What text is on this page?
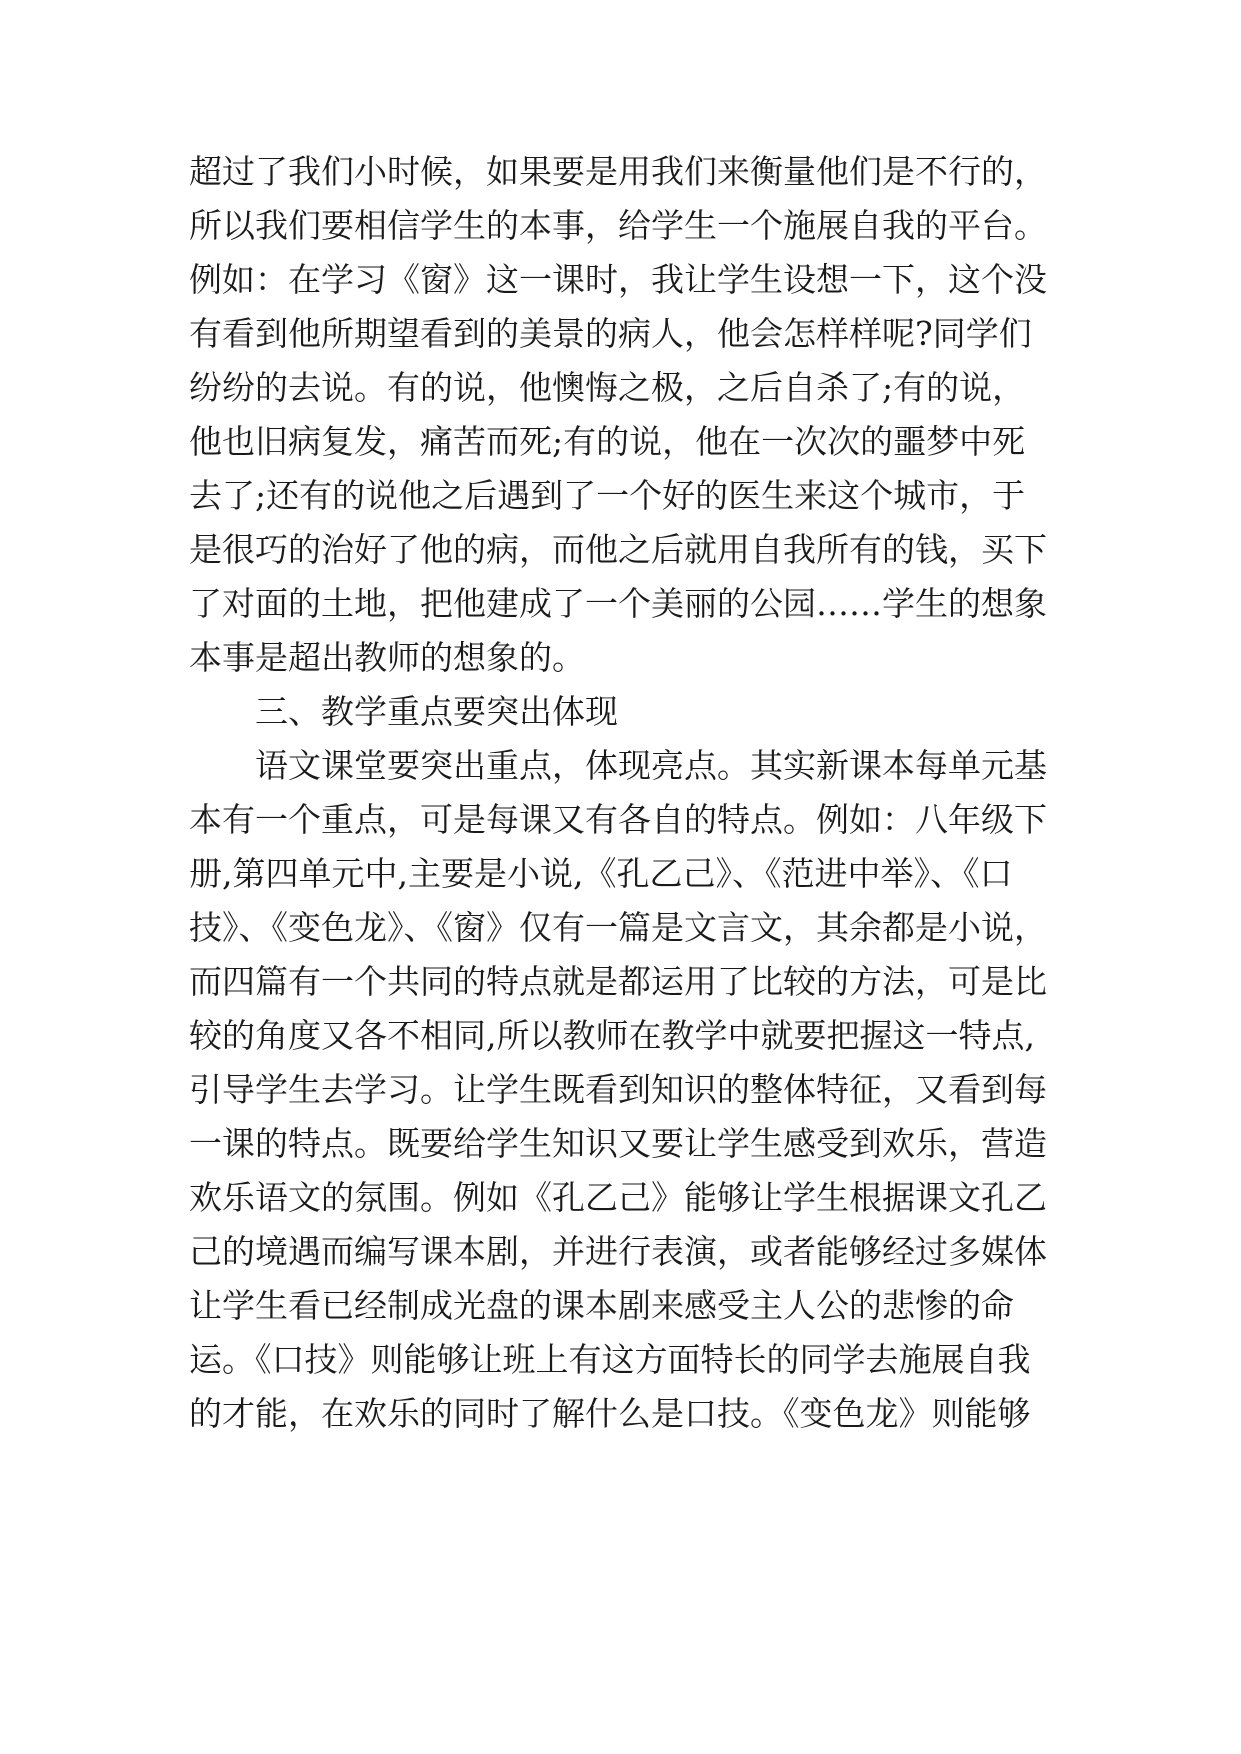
超过了我们小时候，如果要是用我们来衡量他们是不行的，
所以我们要相信学生的本事，给学生一个施展自我的平台。
例如：在学习《窗》这一课时，我让学生设想一下，这个没
有看到他所期望看到的美景的病人，他会怎样样呢?同学们
纷纷的去说。有的说，他懊悔之极，之后自杀了;有的说，
他也旧病复发，痛苦而死;有的说，他在一次次的噩梦中死
去了;还有的说他之后遇到了一个好的医生来这个城市，于
是很巧的治好了他的病，而他之后就用自我所有的钱，买下
了对面的土地，把他建成了一个美丽的公园……学生的想象
本事是超出教师的想象的。
三、教学重点要突出体现
语文课堂要突出重点，体现亮点。其实新课本每单元基
本有一个重点，可是每课又有各自的特点。例如：八年级下
册,第四单元中,主要是小说,《孔乙己》、《范进中举》、《口
技》、《变色龙》、《窗》仅有一篇是文言文，其余都是小说，
而四篇有一个共同的特点就是都运用了比较的方法，可是比
较的角度又各不相同,所以教师在教学中就要把握这一特点,
引导学生去学习。让学生既看到知识的整体特征，又看到每
一课的特点。既要给学生知识又要让学生感受到欢乐，营造
欢乐语文的氛围。例如《孔乙己》能够让学生根据课文孔乙
己的境遇而编写课本剧，并进行表演，或者能够经过多媒体
让学生看已经制成光盘的课本剧来感受主人公的悲惨的命
运。《口技》则能够让班上有这方面特长的同学去施展自我
的才能，在欢乐的同时了解什么是口技。《变色龙》则能够
